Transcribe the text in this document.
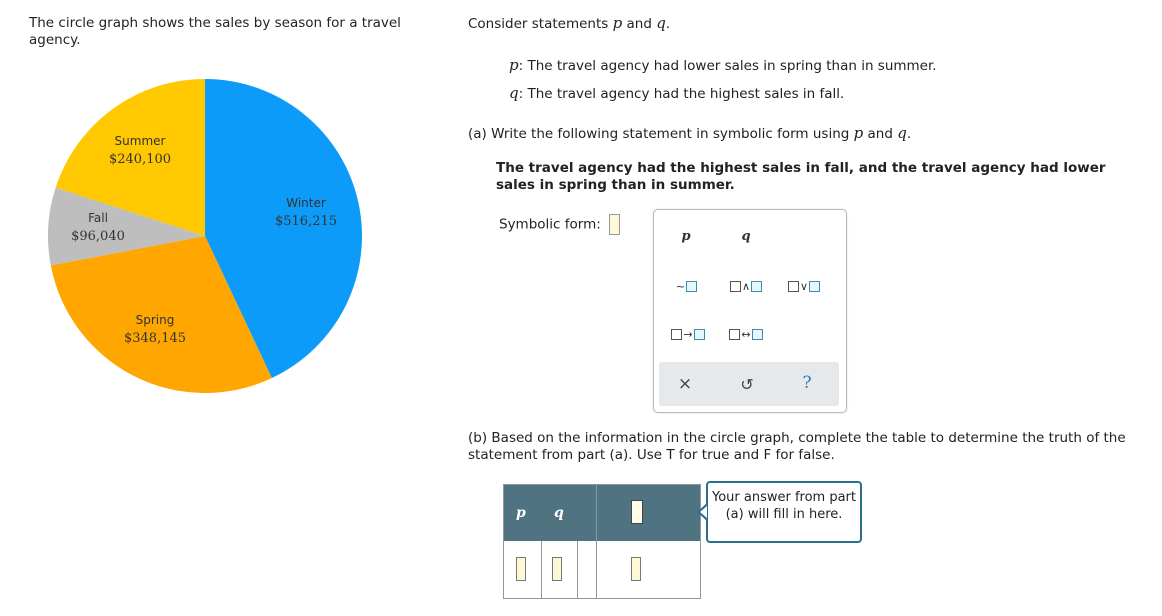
The circle graph shows the sales by season for a travel agency.
Winter
$516,215
Spring
$348,145
Fall
$96,040
Summer
$240,100
Consider statements p and q.
p: The travel agency had lower sales in spring than in summer.
q: The travel agency had the highest sales in fall.
(a) Write the following statement in symbolic form using p and q.
The travel agency had the highest sales in fall, and the travel agency had lower sales in spring than in summer.
Symbolic form:
p	q
~	∧	∨
→	↔
×	↺	?
(b) Based on the information in the circle graph, complete the table to determine the truth of the statement from part (a). Use T for true and F for false.
p q
Your answer from part (a) will fill in here.
